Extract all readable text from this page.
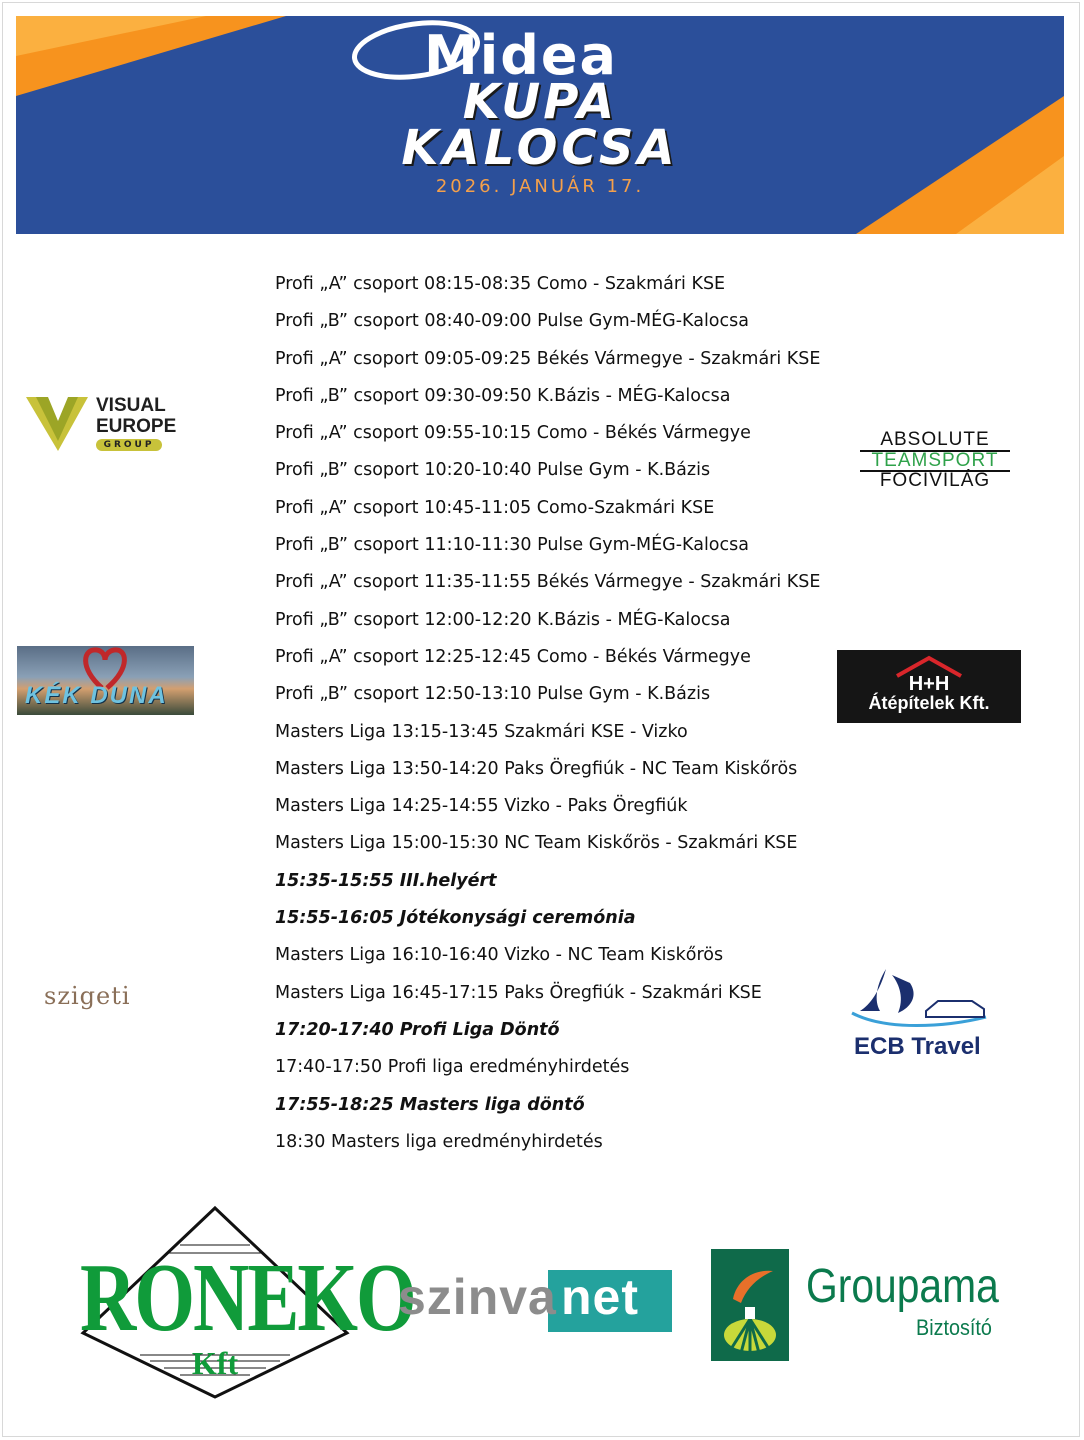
Midea
KUPA
KALOCSA
2026. JANUÁR 17.
Profi „A” csoport 08:15-08:35 Como - Szakmári KSE
Profi „B” csoport 08:40-09:00 Pulse Gym-MÉG-Kalocsa
Profi „A” csoport 09:05-09:25 Békés Vármegye - Szakmári KSE
Profi „B” csoport 09:30-09:50 K.Bázis - MÉG-Kalocsa
Profi „A” csoport 09:55-10:15 Como - Békés Vármegye
Profi „B” csoport 10:20-10:40 Pulse Gym - K.Bázis
Profi „A” csoport 10:45-11:05 Como-Szakmári KSE
Profi „B” csoport 11:10-11:30 Pulse Gym-MÉG-Kalocsa
Profi „A” csoport 11:35-11:55 Békés Vármegye - Szakmári KSE
Profi „B” csoport 12:00-12:20 K.Bázis - MÉG-Kalocsa
Profi „A” csoport 12:25-12:45 Como - Békés Vármegye
Profi „B” csoport 12:50-13:10 Pulse Gym - K.Bázis
Masters Liga 13:15-13:45 Szakmári KSE - Vizko
Masters Liga 13:50-14:20 Paks Öregfiúk - NC Team Kiskőrös
Masters Liga 14:25-14:55 Vizko - Paks Öregfiúk
Masters Liga 15:00-15:30 NC Team Kiskőrös - Szakmári KSE
15:35-15:55 III.helyért
15:55-16:05 Jótékonysági ceremónia
Masters Liga 16:10-16:40 Vizko - NC Team Kiskőrös
Masters Liga 16:45-17:15 Paks Öregfiúk - Szakmári KSE
17:20-17:40 Profi Liga Döntő
17:40-17:50 Profi liga eredményhirdetés
17:55-18:25 Masters liga döntő
18:30 Masters liga eredményhirdetés
VISUAL
EUROPE
GROUP	ABSOLUTE
TEAMSPORT
FOCIVILÁG
KÉK DUNA	H+H
Átépítelek Kft.
szigeti
ECB Travel
RONEKO
Kft
szinva net	Groupama
Biztosító
